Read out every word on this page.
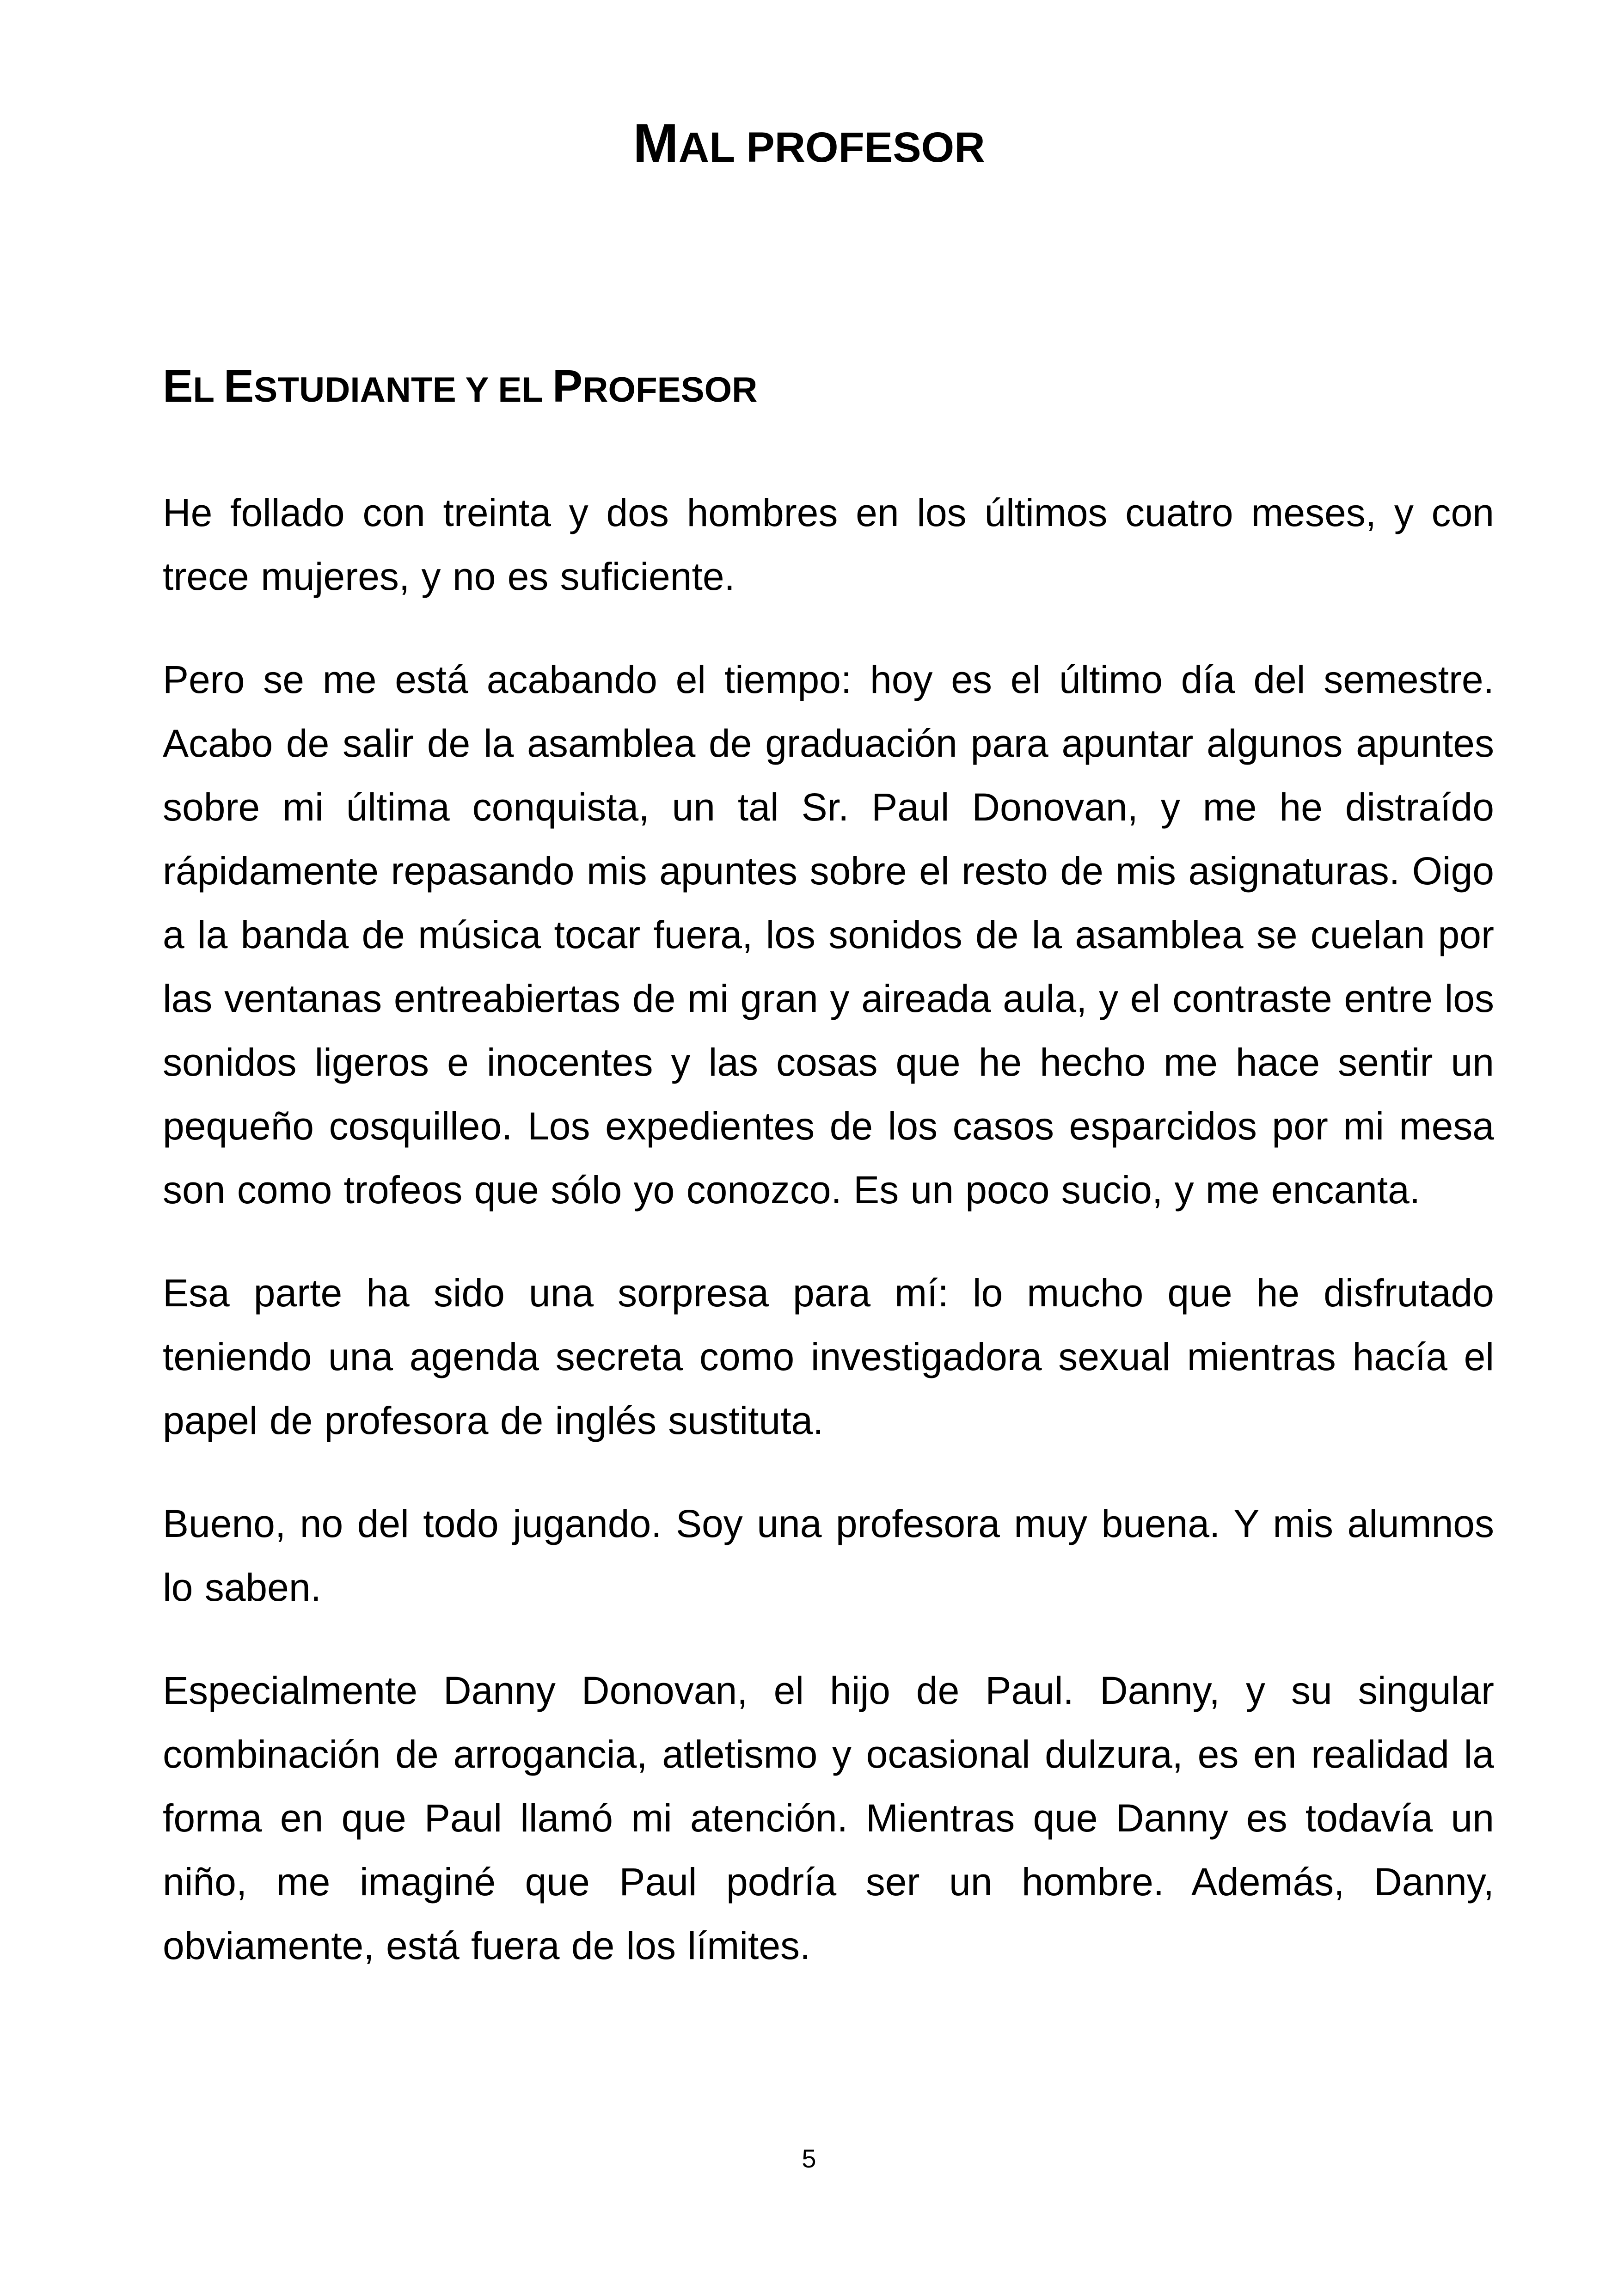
MAL PROFESOR
EL ESTUDIANTE Y EL PROFESOR

He follado con treinta y dos hombres en los últimos cuatro meses, y con trece mujeres, y no es suficiente.

Pero se me está acabando el tiempo: hoy es el último día del semestre. Acabo de salir de la asamblea de graduación para apuntar algunos apuntes sobre mi última conquista, un tal Sr. Paul Donovan, y me he distraído rápidamente repasando mis apuntes sobre el resto de mis asignaturas. Oigo a la banda de música tocar fuera, los sonidos de la asamblea se cuelan por las ventanas entreabiertas de mi gran y aireada aula, y el contraste entre los sonidos ligeros e inocentes y las cosas que he hecho me hace sentir un pequeño cosquilleo. Los expedientes de los casos esparcidos por mi mesa son como trofeos que sólo yo conozco. Es un poco sucio, y me encanta.

Esa parte ha sido una sorpresa para mí: lo mucho que he disfrutado teniendo una agenda secreta como investigadora sexual mientras hacía el papel de profesora de inglés sustituta.

Bueno, no del todo jugando. Soy una profesora muy buena. Y mis alumnos lo saben.

Especialmente Danny Donovan, el hijo de Paul. Danny, y su singular combinación de arrogancia, atletismo y ocasional dulzura, es en realidad la forma en que Paul llamó mi atención. Mientras que Danny es todavía un niño, me imaginé que Paul podría ser un hombre. Además, Danny, obviamente, está fuera de los límites.

5
